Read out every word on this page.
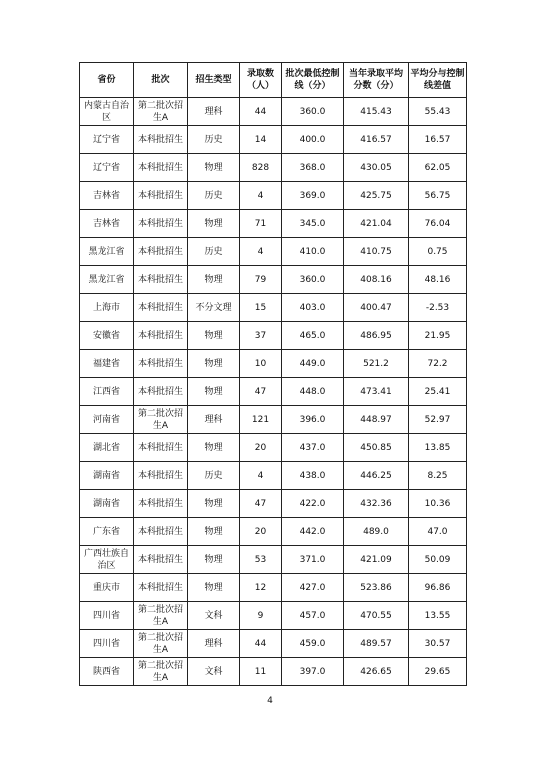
省份	批次	招生类型	录取数（人）	批次最低控制线（分）	当年录取平均分数（分）	平均分与控制线差值
内蒙古自治区	第二批次招生A	理科	44	360.0	415.43	55.43
辽宁省	本科批招生	历史	14	400.0	416.57	16.57
辽宁省	本科批招生	物理	828	368.0	430.05	62.05
吉林省	本科批招生	历史	4	369.0	425.75	56.75
吉林省	本科批招生	物理	71	345.0	421.04	76.04
黑龙江省	本科批招生	历史	4	410.0	410.75	0.75
黑龙江省	本科批招生	物理	79	360.0	408.16	48.16
上海市	本科批招生	不分文理	15	403.0	400.47	-2.53
安徽省	本科批招生	物理	37	465.0	486.95	21.95
福建省	本科批招生	物理	10	449.0	521.2	72.2
江西省	本科批招生	物理	47	448.0	473.41	25.41
河南省	第二批次招生A	理科	121	396.0	448.97	52.97
湖北省	本科批招生	物理	20	437.0	450.85	13.85
湖南省	本科批招生	历史	4	438.0	446.25	8.25
湖南省	本科批招生	物理	47	422.0	432.36	10.36
广东省	本科批招生	物理	20	442.0	489.0	47.0
广西壮族自治区	本科批招生	物理	53	371.0	421.09	50.09
重庆市	本科批招生	物理	12	427.0	523.86	96.86
四川省	第二批次招生A	文科	9	457.0	470.55	13.55
四川省	第二批次招生A	理科	44	459.0	489.57	30.57
陕西省	第二批次招生A	文科	11	397.0	426.65	29.65
4
